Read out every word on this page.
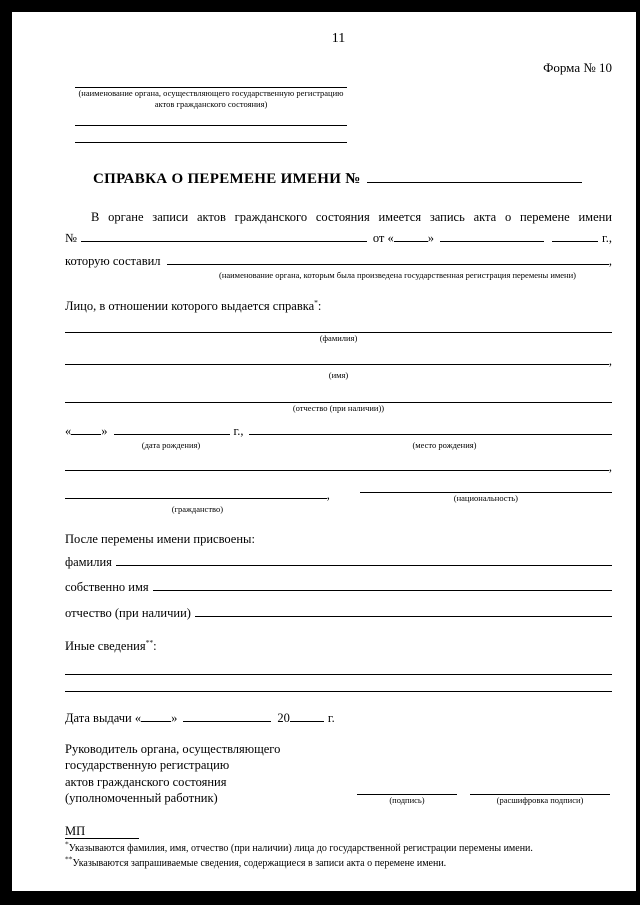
11
Форма № 10
(наименование органа, осуществляющего государственную регистрацию актов гражданского состояния)
СПРАВКА О ПЕРЕМЕНЕ ИМЕНИ №
В органе записи актов гражданского состояния имеется запись акта о перемене имени
№	от «	»	г.,
которую составил	,
(наименование органа, которым была произведена государственная регистрация перемены имени)
Лицо, в отношении которого выдается справка*:
(фамилия)
,
(имя)
(отчество (при наличии))
« »	г.,
(дата рождения)	(место рождения)
,
,
(гражданство)
(национальность)
После перемены имени присвоены:
фамилия
собственно имя
отчество (при наличии)
Иные сведения**:
Дата выдачи « »	20	г.
Руководитель органа, осуществляющего
государственную регистрацию
актов гражданского состояния
(уполномоченный работник)	(подпись)	(расшифровка подписи)
МП
*Указываются фамилия, имя, отчество (при наличии) лица до государственной регистрации перемены имени.
**Указываются запрашиваемые сведения, содержащиеся в записи акта о перемене имени.
